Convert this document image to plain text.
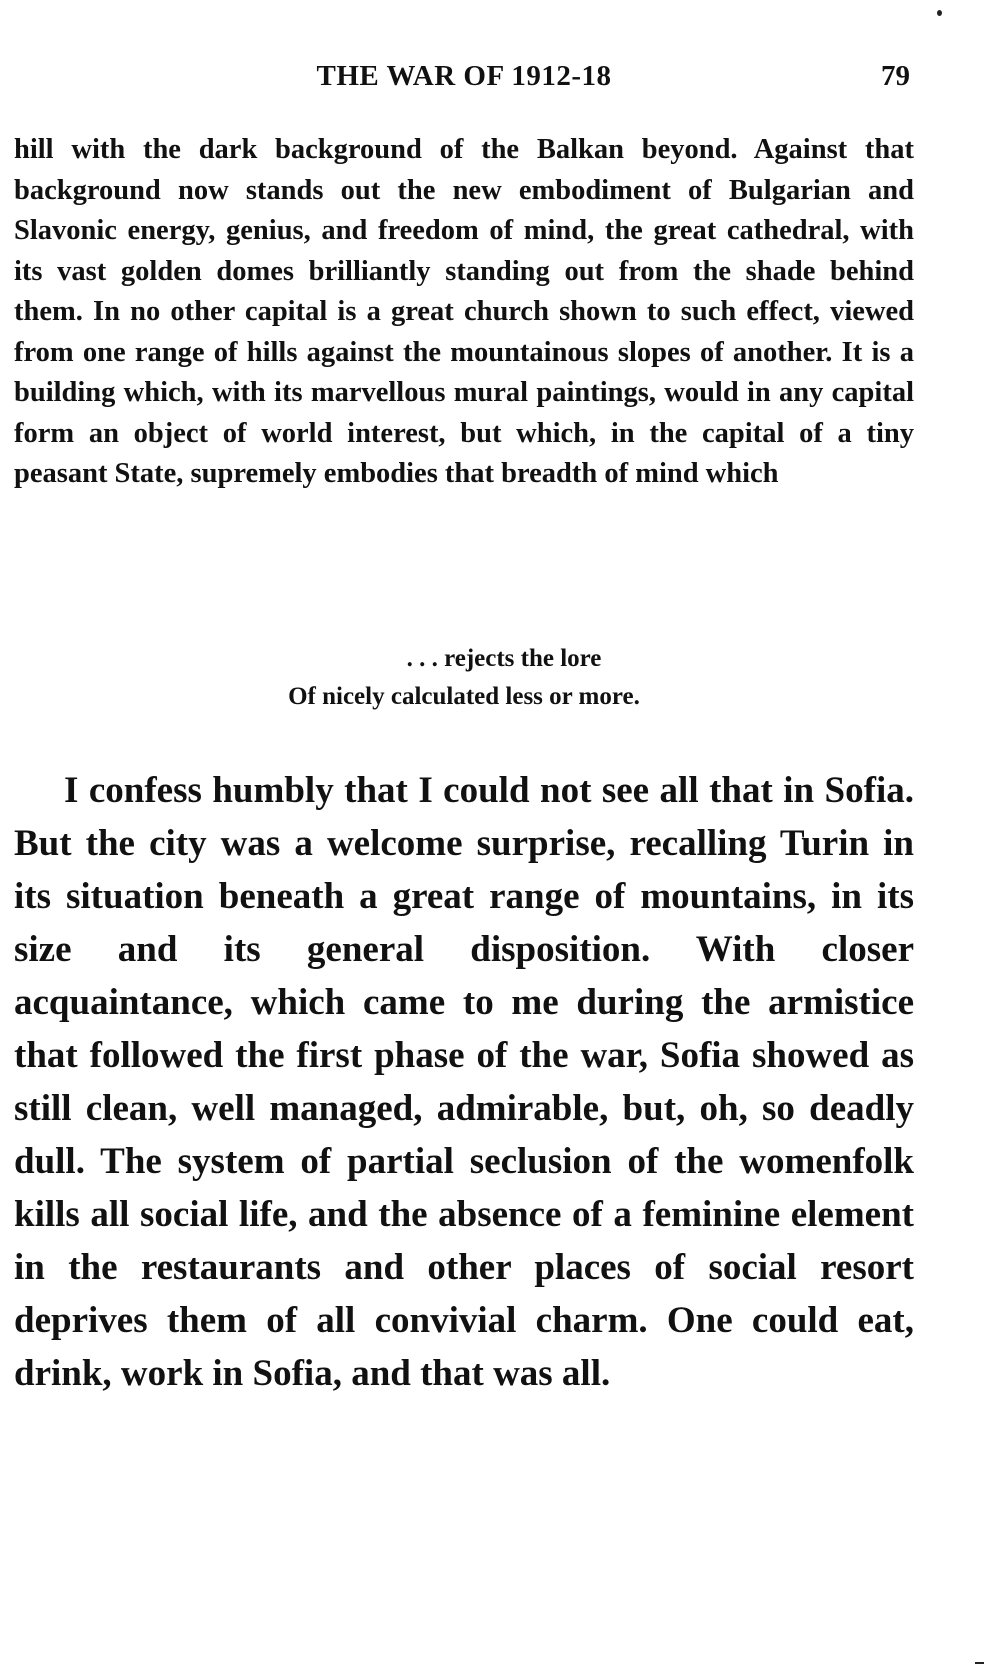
THE WAR OF 1912-18	79

hill with the dark background of the Balkan beyond. Against that background now stands out the new embodiment of Bulgarian and Slavonic energy, genius, and freedom of mind, the great cathedral, with its vast golden domes brilliantly standing out from the shade behind them. In no other capital is a great church shown to such effect, viewed from one range of hills against the mountainous slopes of another. It is a building which, with its marvellous mural paintings, would in any capital form an object of world interest, but which, in the capital of a tiny peasant State, supremely embodies that breadth of mind which

. . . rejects the lore
Of nicely calculated less or more.

I confess humbly that I could not see all that in Sofia. But the city was a welcome surprise, recalling Turin in its situation beneath a great range of mountains, in its size and its general disposition. With closer acquaintance, which came to me during the armistice that followed the first phase of the war, Sofia showed as still clean, well managed, admirable, but, oh, so deadly dull. The system of partial seclusion of the womenfolk kills all social life, and the absence of a feminine element in the restaurants and other places of social resort deprives them of all convivial charm. One could eat, drink, work in Sofia, and that was all.
